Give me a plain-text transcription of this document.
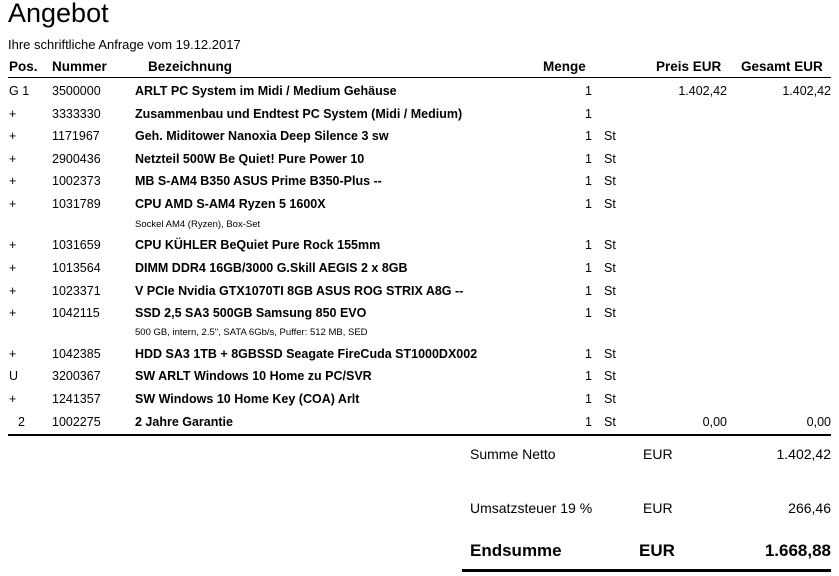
Angebot
Ihre schriftliche Anfrage vom 19.12.2017
Pos. Nummer	Bezeichnung	Menge	Preis EUR Gesamt EUR
G 1 3500000	ARLT PC System im Midi / Medium Gehäuse	1	1.402,42	1.402,42
+	3333330	Zusammenbau und Endtest PC System (Midi / Medium)	1
+	1171967	Geh. Miditower Nanoxia Deep Silence 3 sw	1 St
+	2900436	Netzteil 500W Be Quiet! Pure Power 10	1 St
+	1002373	MB S-AM4 B350 ASUS Prime B350-Plus --	1 St
+	1031789	CPU AMD S-AM4 Ryzen 5 1600X	1 St
Sockel AM4 (Ryzen), Box-Set
+	1031659	CPU KÜHLER BeQuiet Pure Rock 155mm	1 St
+	1013564	DIMM DDR4 16GB/3000 G.Skill AEGIS 2 x 8GB	1 St
+	1023371	V PCIe Nvidia GTX1070TI 8GB ASUS ROG STRIX A8G --	1 St
+	1042115	SSD 2,5 SA3 500GB Samsung 850 EVO	1 St
500 GB, intern, 2.5", SATA 6Gb/s, Puffer: 512 MB, SED
+	1042385	HDD SA3 1TB + 8GBSSD Seagate FireCuda ST1000DX002	1 St
U	3200367	SW ARLT Windows 10 Home zu PC/SVR	1 St
+	1241357	SW Windows 10 Home Key (COA) Arlt	1 St
2 1002275	2 Jahre Garantie	1 St	0,00	0,00
Summe Netto	EUR	1.402,42
Umsatzsteuer 19 %	EUR	266,46
Endsumme	EUR	1.668,88
